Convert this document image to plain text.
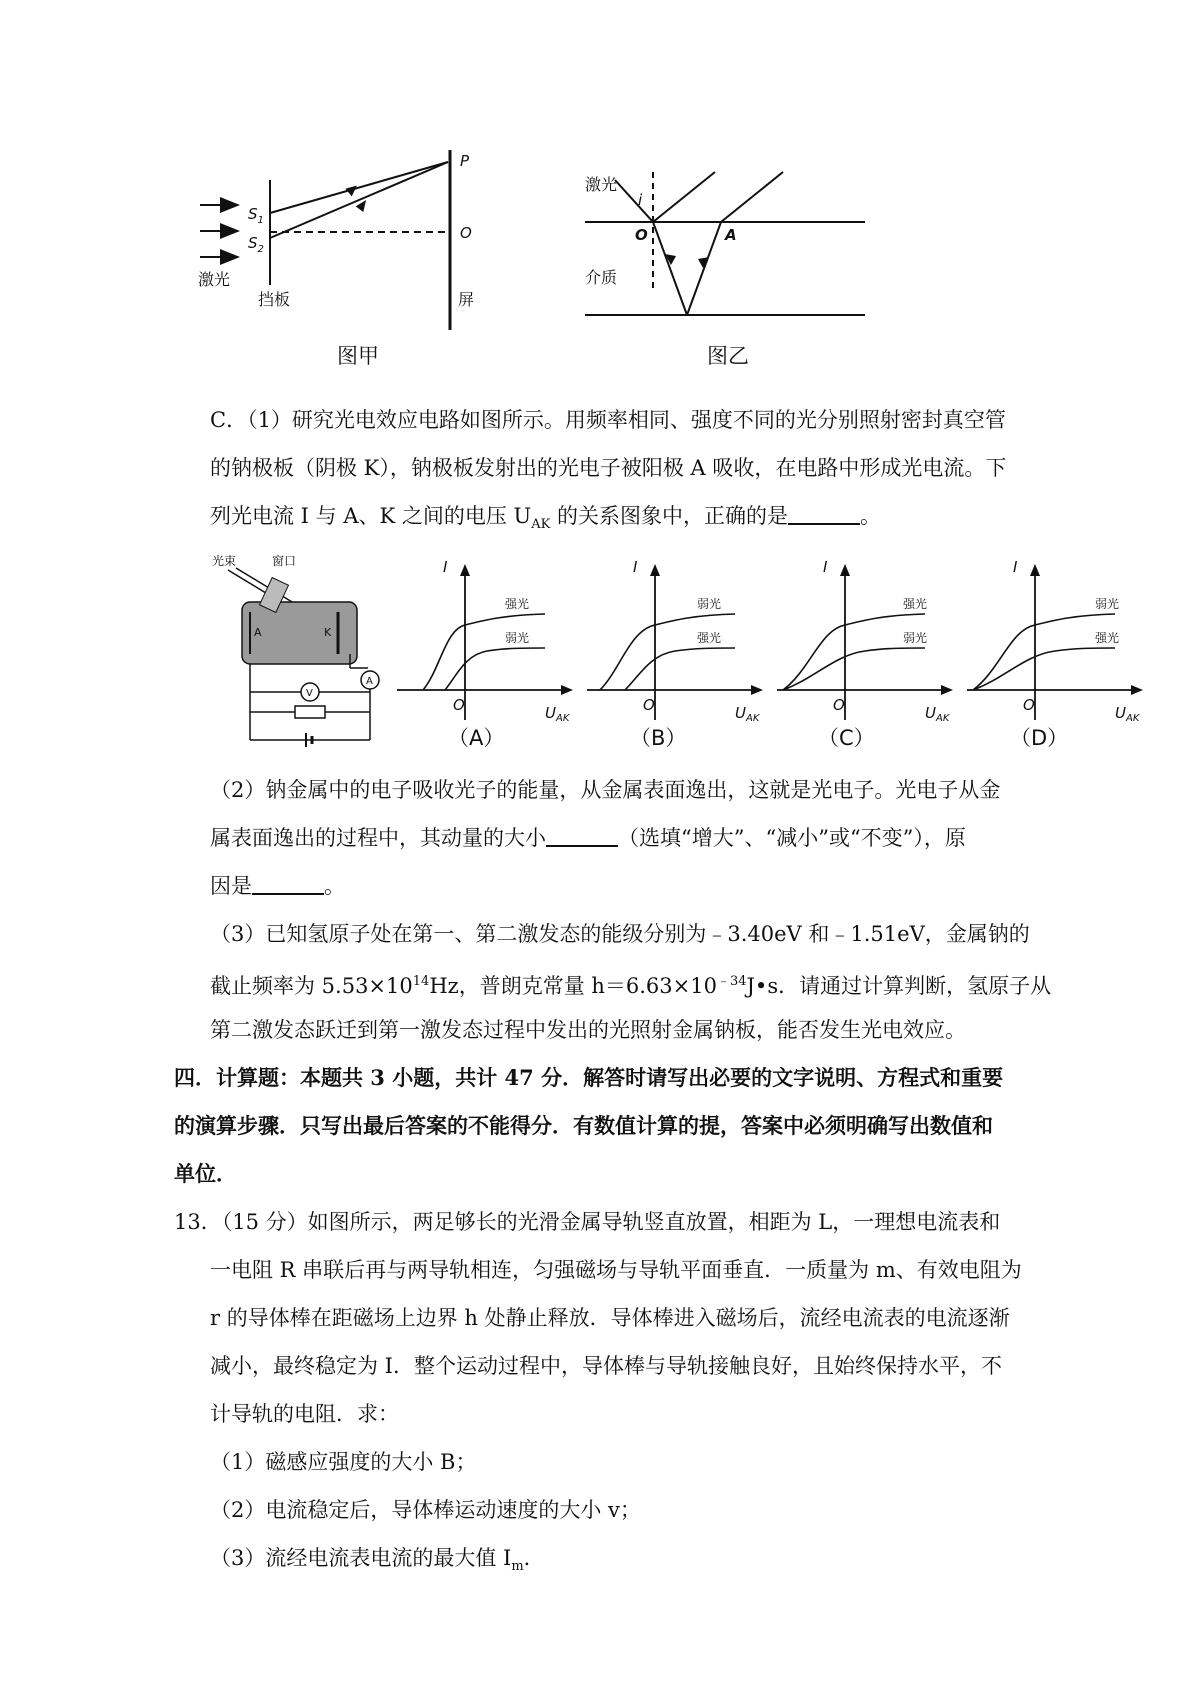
$S_1$
$S_2$
P
O
激光
挡板	屏
图甲
激光
i
O	A
介质
图乙
C．（1）研究光电效应电路如图所示。用频率相同、强度不同的光分别照射密封真空管
的钠极板（阴极 K），钠极板发射出的光电子被阳极 A 吸收，在电路中形成光电流。下
列光电流 I 与 A、K 之间的电压 $U_{AK}$ 的关系图象中，正确的是	。
光束	窗口
A	K
A
V
I
O	$U_{AK}$
强光
弱光
（A）
I
O	$U_{AK}$
弱光
强光
（B）
I
O	$U_{AK}$
强光
弱光
（C）
I
O	$U_{AK}$
弱光
强光
（D）
（2）钠金属中的电子吸收光子的能量，从金属表面逸出，这就是光电子。光电子从金
属表面逸出的过程中，其动量的大小	（选填“增大”、“减小”或“不变”），原
因是	。
（3）已知氢原子处在第一、第二激发态的能级分别为﹣3.40eV 和﹣1.51eV，金属钠的
截止频率为 $5.53\times 10^{14}Hz$，普朗克常量 $h=6.63\times 10^{﹣34}J•s$．请通过计算判断，氢原子从
第二激发态跃迁到第一激发态过程中发出的光照射金属钠板，能否发生光电效应。
四．计算题：本题共 3 小题，共计 47 分．解答时请写出必要的文字说明、方程式和重要
的演算步骤．只写出最后答案的不能得分．有数值计算的提，答案中必须明确写出数值和
单位．
13．（15 分）如图所示，两足够长的光滑金属导轨竖直放置，相距为 L，一理想电流表和
一电阻 R 串联后再与两导轨相连，匀强磁场与导轨平面垂直．一质量为 m、有效电阻为
r 的导体棒在距磁场上边界 h 处静止释放．导体棒进入磁场后，流经电流表的电流逐渐
减小，最终稳定为 I．整个运动过程中，导体棒与导轨接触良好，且始终保持水平，不
计导轨的电阻．求：
（1）磁感应强度的大小 B；
（2）电流稳定后，导体棒运动速度的大小 v；
（3）流经电流表电流的最大值 $I_m$．
